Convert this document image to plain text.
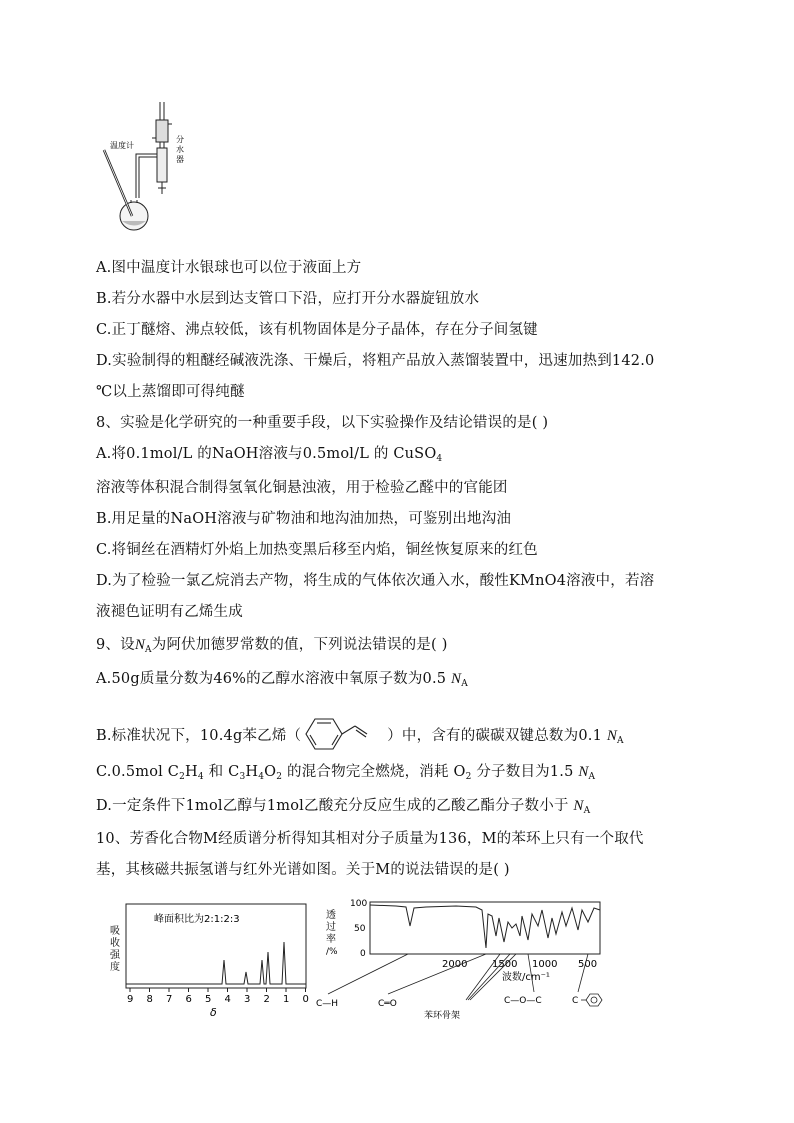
温度计
分
水
器
A.图中温度计水银球也可以位于液面上方
B.若分水器中水层到达支管口下沿，应打开分水器旋钮放水
C.正丁醚熔、沸点较低，该有机物固体是分子晶体，存在分子间氢键
D.实验制得的粗醚经碱液洗涤、干燥后，将粗产品放入蒸馏装置中，迅速加热到142.0
℃以上蒸馏即可得纯醚
8、实验是化学研究的一种重要手段，以下实验操作及结论错误的是( )
A.将0.1mol/L 的NaOH溶液与0.5mol/L 的 CuSO$_4$
溶液等体积混合制得氢氧化铜悬浊液，用于检验乙醛中的官能团
B.用足量的NaOH溶液与矿物油和地沟油加热，可鉴别出地沟油
C.将铜丝在酒精灯外焰上加热变黑后移至内焰，铜丝恢复原来的红色
D.为了检验一氯乙烷消去产物，将生成的气体依次通入水，酸性KMnO4溶液中，若溶
液褪色证明有乙烯生成
9、设$N_A$为阿伏加德罗常数的值，下列说法错误的是( )
A.50g质量分数为46%的乙醇水溶液中氧原子数为0.5 $N_A$
B.标准状况下，10.4g苯乙烯（	）中，含有的碳碳双键总数为0.1 $N_A$
C.0.5mol $C_2H_4$ 和 $C_3H_4O_2$ 的混合物完全燃烧，消耗 $O_2$ 分子数目为1.5 $N_A$
D.一定条件下1mol乙醇与1mol乙酸充分反应生成的乙酸乙酯分子数小于 $N_A$
10、芳香化合物M经质谱分析得知其相对分子质量为136，M的苯环上只有一个取代
基，其核磁共振氢谱与红外光谱如图。关于M的说法错误的是( )
峰面积比为2:1:2:3
吸
收
强
度
9 8 7 6 5 4 3 2 1 0
δ
100
50
0
透
过
率
/%
2000 1500 1000 500
波数/cm⁻¹
C—H	C═O	C—O—C	C
苯环骨架
